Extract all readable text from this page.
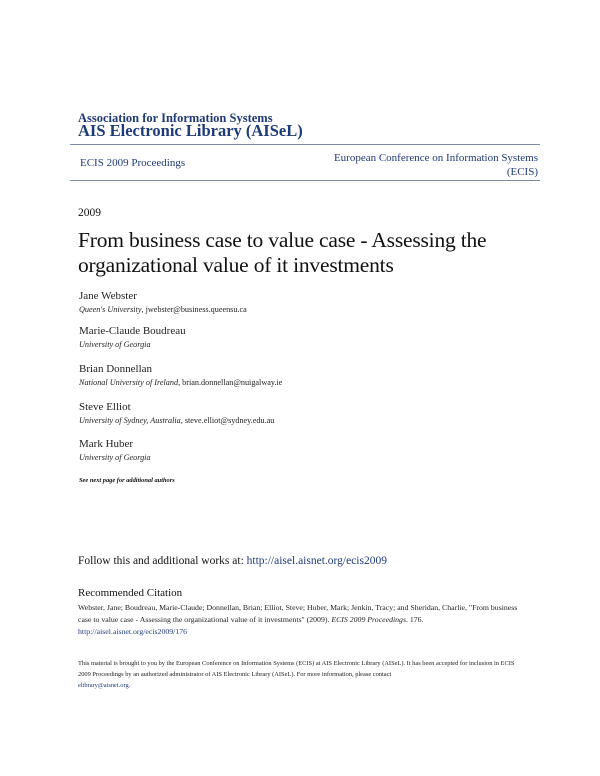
Association for Information Systems
AIS Electronic Library (AISeL)
ECIS 2009 Proceedings	European Conference on Information Systems
(ECIS)
2009
From business case to value case - Assessing the
organizational value of it investments
Jane Webster
Queen's University, jwebster@business.queensu.ca
Marie-Claude Boudreau
University of Georgia
Brian Donnellan
National University of Ireland, brian.donnellan@nuigalway.ie
Steve Elliot
University of Sydney, Australia, steve.elliot@sydney.edu.au
Mark Huber
University of Georgia
See next page for additional authors
Follow this and additional works at: http://aisel.aisnet.org/ecis2009
Recommended Citation
Webster, Jane; Boudreau, Marie-Claude; Donnellan, Brian; Elliot, Steve; Huber, Mark; Jenkin, Tracy; and Sheridan, Charlie, "From business case to value case - Assessing the organizational value of it investments" (2009). ECIS 2009 Proceedings. 176.
http://aisel.aisnet.org/ecis2009/176
This material is brought to you by the European Conference on Information Systems (ECIS) at AIS Electronic Library (AISeL). It has been accepted for inclusion in ECIS 2009 Proceedings by an authorized administrator of AIS Electronic Library (AISeL). For more information, please contact
elibrary@aisnet.org.
